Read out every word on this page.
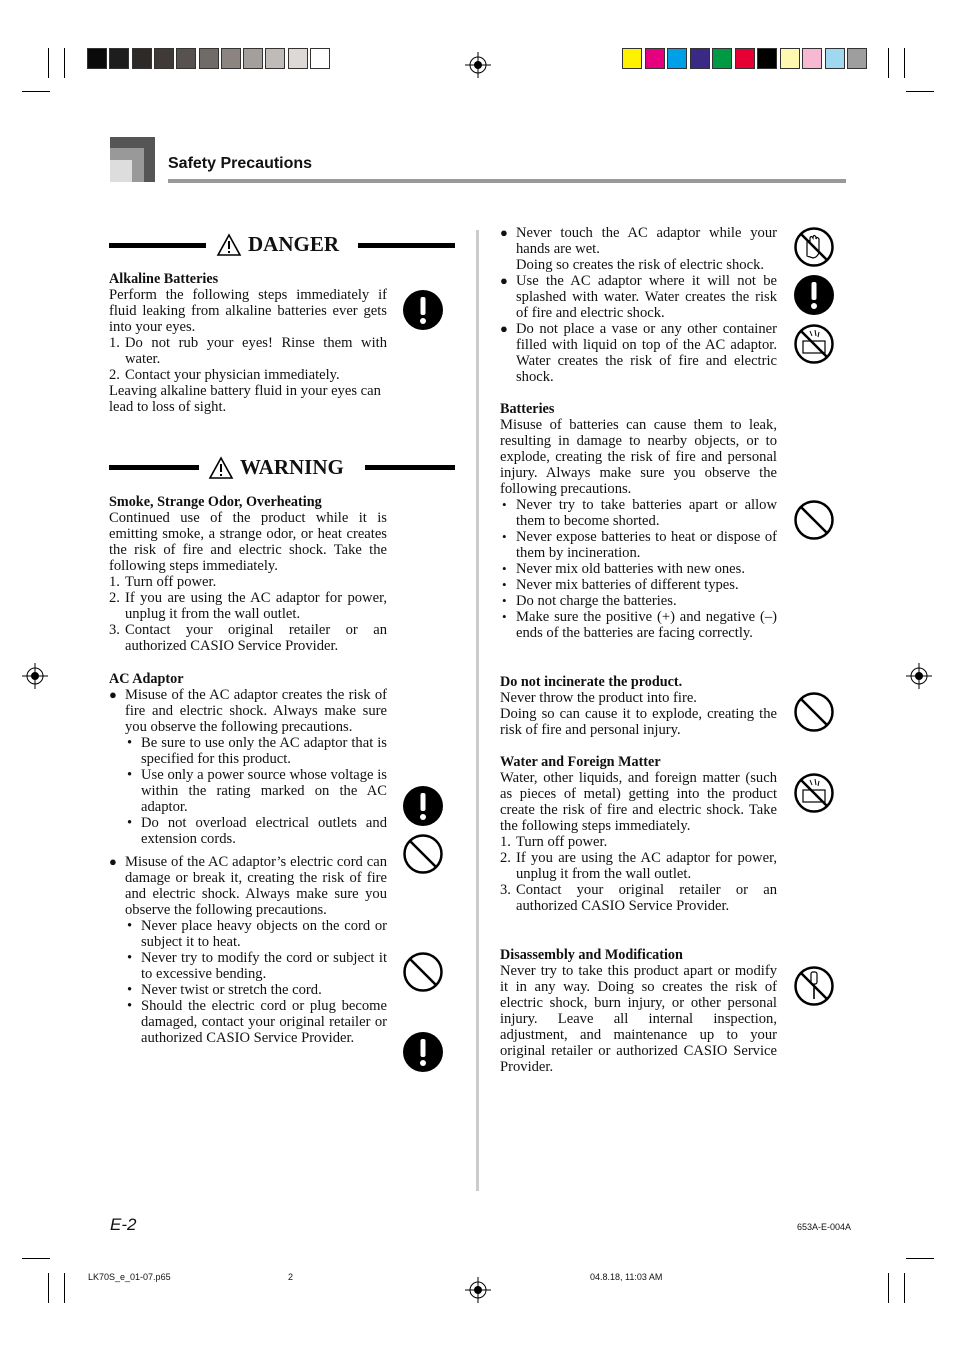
Safety Precautions
DANGER
Alkaline Batteries

Perform the following steps immediately if fluid leaking from alkaline batteries ever gets into your eyes.

1. Do not rub your eyes! Rinse them with water.
2. Contact your physician immediately.

Leaving alkaline battery fluid in your eyes can lead to loss of sight.

WARNING
Smoke, Strange Odor, Overheating

Continued use of the product while it is emitting smoke, a strange odor, or heat creates the risk of fire and electric shock. Take the following steps immediately.

1. Turn off power.
2. If you are using the AC adaptor for power, unplug it from the wall outlet.
3. Contact your original retailer or an authorized CASIO Service Provider.
AC Adaptor
● Misuse of the AC adaptor creates the risk of fire and electric shock. Always make sure you observe the following precautions.
• Be sure to use only the AC adaptor that is specified for this product.
• Use only a power source whose voltage is within the rating marked on the AC adaptor.
• Do not overload electrical outlets and extension cords.
● Misuse of the AC adaptor’s electric cord can damage or break it, creating the risk of fire and electric shock. Always make sure you observe the following precautions.
• Never place heavy objects on the cord or subject it to heat.
• Never try to modify the cord or subject it to excessive bending.
• Never twist or stretch the cord.
• Should the electric cord or plug become damaged, contact your original retailer or authorized CASIO Service Provider.
● Never touch the AC adaptor while your hands are wet.
Doing so creates the risk of electric shock.
● Use the AC adaptor where it will not be splashed with water. Water creates the risk of fire and electric shock.
● Do not place a vase or any other container filled with liquid on top of the AC adaptor. Water creates the risk of fire and electric shock.
Batteries

Misuse of batteries can cause them to leak, resulting in damage to nearby objects, or to explode, creating the risk of fire and personal injury. Always make sure you observe the following precautions.

• Never try to take batteries apart or allow them to become shorted.
• Never expose batteries to heat or dispose of them by incineration.
• Never mix old batteries with new ones.
• Never mix batteries of different types.
• Do not charge the batteries.
• Make sure the positive (+) and negative (–) ends of the batteries are facing correctly.
Do not incinerate the product.

Never throw the product into fire.

Doing so can cause it to explode, creating the risk of fire and personal injury.

Water and Foreign Matter

Water, other liquids, and foreign matter (such as pieces of metal) getting into the product create the risk of fire and electric shock. Take the following steps immediately.

1. Turn off power.
2. If you are using the AC adaptor for power, unplug it from the wall outlet.
3. Contact your original retailer or an authorized CASIO Service Provider.
Disassembly and Modification

Never try to take this product apart or modify it in any way. Doing so creates the risk of electric shock, burn injury, or other personal injury. Leave all internal inspection, adjustment, and maintenance up to your original retailer or authorized CASIO Service Provider.

E-2	653A-E-004A
LK70S_e_01-07.p65	2	04.8.18, 11:03 AM
